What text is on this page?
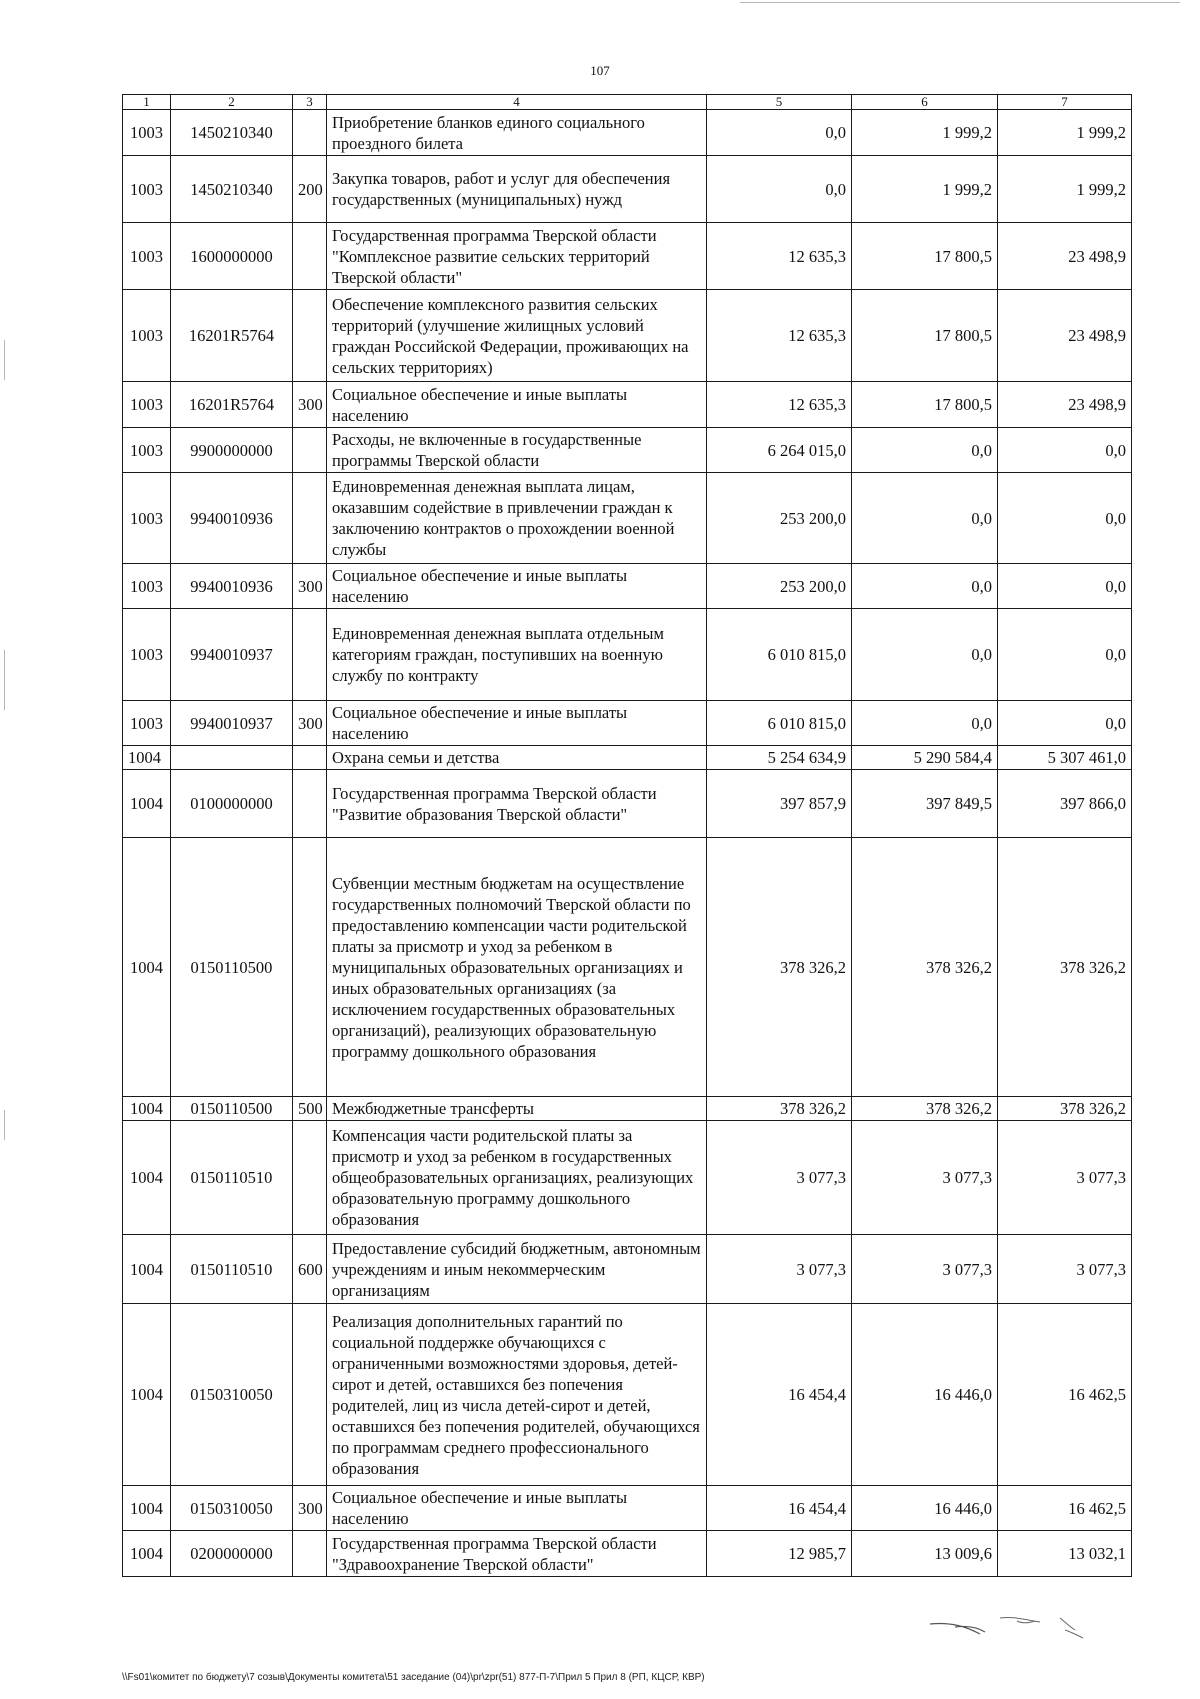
107
1	2	3	4	5	6	7
1003	1450210340		Приобретение бланков единого социального проездного билета	0,0	1 999,2	1 999,2
1003	1450210340	200	Закупка товаров, работ и услуг для обеспечения государственных (муниципальных) нужд	0,0	1 999,2	1 999,2
1003	1600000000		Государственная программа Тверской области "Комплексное развитие сельских территорий Тверской области"	12 635,3	17 800,5	23 498,9
1003	16201R5764		Обеспечение комплексного развития сельских территорий (улучшение жилищных условий граждан Российской Федерации, проживающих на сельских территориях)	12 635,3	17 800,5	23 498,9
1003	16201R5764	300	Социальное обеспечение и иные выплаты населению	12 635,3	17 800,5	23 498,9
1003	9900000000		Расходы, не включенные в государственные программы Тверской области	6 264 015,0	0,0	0,0
1003	9940010936		Единовременная денежная выплата лицам, оказавшим содействие в привлечении граждан к заключению контрактов о прохождении военной службы	253 200,0	0,0	0,0
1003	9940010936	300	Социальное обеспечение и иные выплаты населению	253 200,0	0,0	0,0
1003	9940010937		Единовременная денежная выплата отдельным категориям граждан, поступивших на военную службу по контракту	6 010 815,0	0,0	0,0
1003	9940010937	300	Социальное обеспечение и иные выплаты населению	6 010 815,0	0,0	0,0
1004			Охрана семьи и детства	5 254 634,9	5 290 584,4	5 307 461,0
1004	0100000000		Государственная программа Тверской области "Развитие образования Тверской области"	397 857,9	397 849,5	397 866,0
1004	0150110500		Субвенции местным бюджетам на осуществление государственных полномочий Тверской области по предоставлению компенсации части родительской платы за присмотр и уход за ребенком в муниципальных образовательных организациях и иных образовательных организациях (за исключением государственных образовательных организаций), реализующих образовательную программу дошкольного образования	378 326,2	378 326,2	378 326,2
1004	0150110500	500	Межбюджетные трансферты	378 326,2	378 326,2	378 326,2
1004	0150110510		Компенсация части родительской платы за присмотр и уход за ребенком в государственных общеобразовательных организациях, реализующих образовательную программу дошкольного образования	3 077,3	3 077,3	3 077,3
1004	0150110510	600	Предоставление субсидий бюджетным, автономным учреждениям и иным некоммерческим организациям	3 077,3	3 077,3	3 077,3
1004	0150310050		Реализация дополнительных гарантий по социальной поддержке обучающихся с ограниченными возможностями здоровья, детей-сирот и детей, оставшихся без попечения родителей, лиц из числа детей-сирот и детей, оставшихся без попечения родителей, обучающихся по программам среднего профессионального образования	16 454,4	16 446,0	16 462,5
1004	0150310050	300	Социальное обеспечение и иные выплаты населению	16 454,4	16 446,0	16 462,5
1004	0200000000		Государственная программа Тверской области "Здравоохранение Тверской области"	12 985,7	13 009,6	13 032,1
\\Fs01\комитет по бюджету\7 созыв\Документы комитета\51 заседание (04)\pr\zpr(51) 877-П-7\Прил 5 Прил 8 (РП, КЦСР, КВР)
